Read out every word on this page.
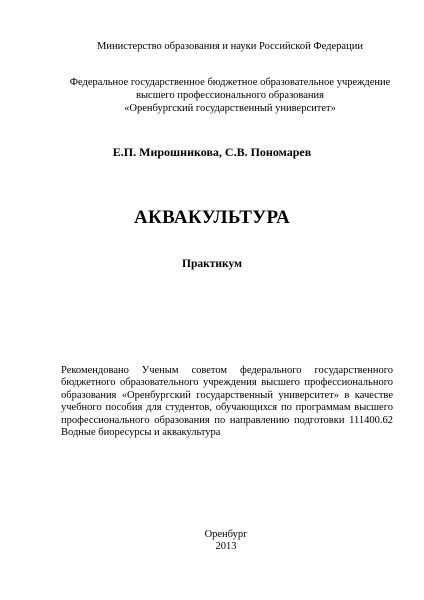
Министерство образования и науки Российской Федерации
Федеральное государственное бюджетное образовательное учреждение
высшего профессионального образования
«Оренбургский государственный университет»
Е.П. Мирошникова, С.В. Пономарев
АКВАКУЛЬТУРА
Практикум
Рекомендовано Ученым советом федерального государственного
бюджетного образовательного учреждения высшего профессионального
образования «Оренбургский государственный университет» в качестве
учебного пособия для студентов, обучающихся по программам высшего
профессионального образования по направлению подготовки 111400.62
Водные биоресурсы и аквакультура
Оренбург
2013
